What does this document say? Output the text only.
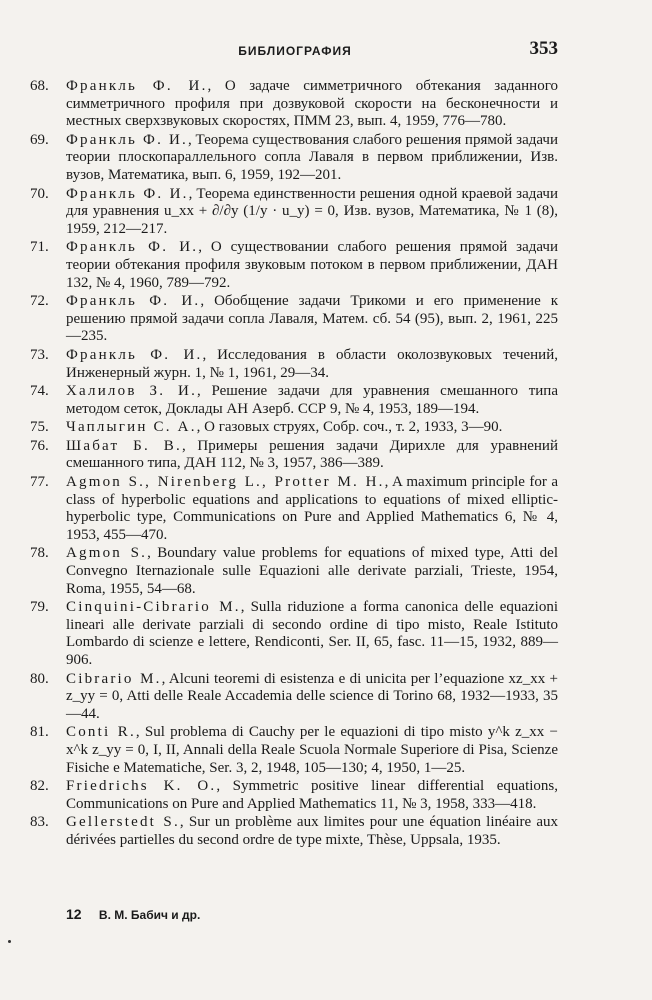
БИБЛИОГРАФИЯ	353
68.	Франкль Ф. И., О задаче симметричного обтекания заданного симметричного профиля при дозвуковой скорости на бесконечности и местных сверхзвуковых скоростях, ПММ 23, вып. 4, 1959, 776—780.
69.	Франкль Ф. И., Теорема существования слабого решения прямой задачи теории плоскопараллельного сопла Лаваля в первом приближении, Изв. вузов, Математика, вып. 6, 1959, 192—201.
70.	Франкль Ф. И., Теорема единственности решения одной краевой задачи для уравнения u_xx + ∂/∂y (1/y · u_y) = 0, Изв. вузов, Математика, № 1 (8), 1959, 212—217.
71.	Франкль Ф. И., О существовании слабого решения прямой задачи теории обтекания профиля звуковым потоком в первом приближении, ДАН 132, № 4, 1960, 789—792.
72.	Франкль Ф. И., Обобщение задачи Трикоми и его применение к решению прямой задачи сопла Лаваля, Матем. сб. 54 (95), вып. 2, 1961, 225—235.
73.	Франкль Ф. И., Исследования в области околозвуковых течений, Инженерный журн. 1, № 1, 1961, 29—34.
74.	Халилов З. И., Решение задачи для уравнения смешанного типа методом сеток, Доклады АН Азерб. ССР 9, № 4, 1953, 189—194.
75.	Чаплыгин С. А., О газовых струях, Собр. соч., т. 2, 1933, 3—90.
76.	Шабат Б. В., Примеры решения задачи Дирихле для уравнений смешанного типа, ДАН 112, № 3, 1957, 386—389.
77.	Agmon S., Nirenberg L., Protter M. H., A maximum principle for a class of hyperbolic equations and applications to equations of mixed elliptic-hyperbolic type, Communications on Pure and Applied Mathematics 6, № 4, 1953, 455—470.
78.	Agmon S., Boundary value problems for equations of mixed type, Atti del Convegno Iternazionale sulle Equazioni alle derivate parziali, Trieste, 1954, Roma, 1955, 54—68.
79.	Cinquini-Cibrario M., Sulla riduzione a forma canonica delle equazioni lineari alle derivate parziali di secondo ordine di tipo misto, Reale Istituto Lombardo di scienze e lettere, Rendiconti, Ser. II, 65, fasc. 11—15, 1932, 889—906.
80.	Cibrario M., Alcuni teoremi di esistenza e di unicita per l’equazione xz_xx + z_yy = 0, Atti delle Reale Accademia delle science di Torino 68, 1932—1933, 35—44.
81.	Conti R., Sul problema di Cauchy per le equazioni di tipo misto y^k z_xx − x^k z_yy = 0, I, II, Annali della Reale Scuola Normale Superiore di Pisa, Scienze Fisiche e Matematiche, Ser. 3, 2, 1948, 105—130; 4, 1950, 1—25.
82.	Friedrichs K. O., Symmetric positive linear differential equations, Communications on Pure and Applied Mathematics 11, № 3, 1958, 333—418.
83.	Gellerstedt S., Sur un problème aux limites pour une équation linéaire aux dérivées partielles du second ordre de type mixte, Thèse, Uppsala, 1935.
12 В. М. Бабич и др.
